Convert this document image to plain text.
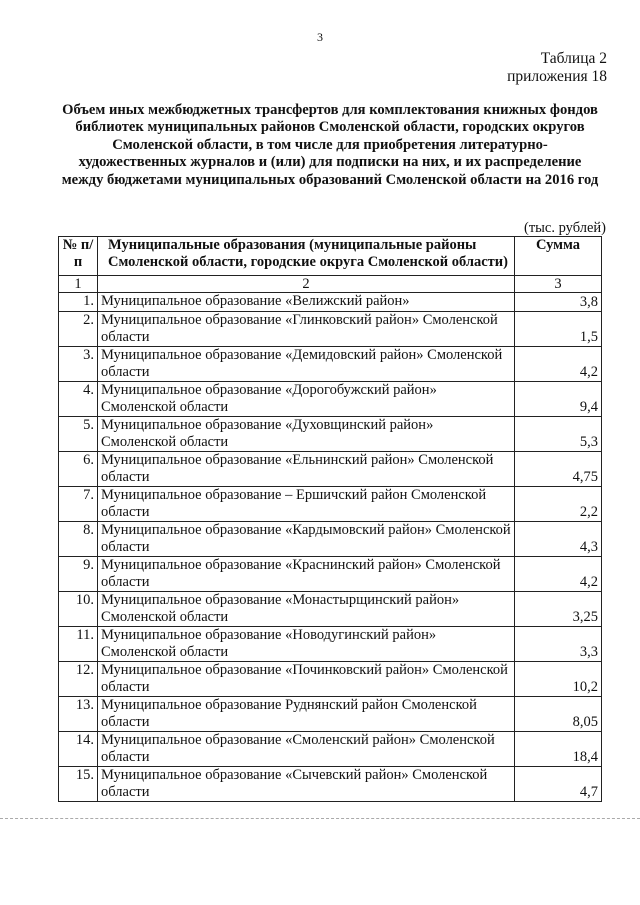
3
Таблица 2
приложения 18
Объем иных межбюджетных трансфертов для комплектования книжных фондов библиотек муниципальных районов Смоленской области, городских округов Смоленской области, в том числе для приобретения литературно-художественных журналов и (или) для подписки на них, и их распределение между бюджетами муниципальных образований Смоленской области на 2016 год
(тыс. рублей)
№ п/п	Муниципальные образования (муниципальные районы Смоленской области, городские округа Смоленской области)	Сумма
1	2	3
1.	Муниципальное образование «Велижский район»	3,8
2.	Муниципальное образование «Глинковский район» Смоленской области	1,5
3.	Муниципальное образование «Демидовский район» Смоленской области	4,2
4.	Муниципальное образование «Дорогобужский район» Смоленской области	9,4
5.	Муниципальное образование «Духовщинский район» Смоленской области	5,3
6.	Муниципальное образование «Ельнинский район» Смоленской области	4,75
7.	Муниципальное образование – Ершичский район Смоленской области	2,2
8.	Муниципальное образование «Кардымовский район» Смоленской области	4,3
9.	Муниципальное образование «Краснинский район» Смоленской области	4,2
10.	Муниципальное образование «Монастырщинский район» Смоленской области	3,25
11.	Муниципальное образование «Новодугинский район» Смоленской области	3,3
12.	Муниципальное образование «Починковский район» Смоленской области	10,2
13.	Муниципальное образование Руднянский район Смоленской области	8,05
14.	Муниципальное образование «Смоленский район» Смоленской области	18,4
15.	Муниципальное образование «Сычевский район» Смоленской области	4,7
